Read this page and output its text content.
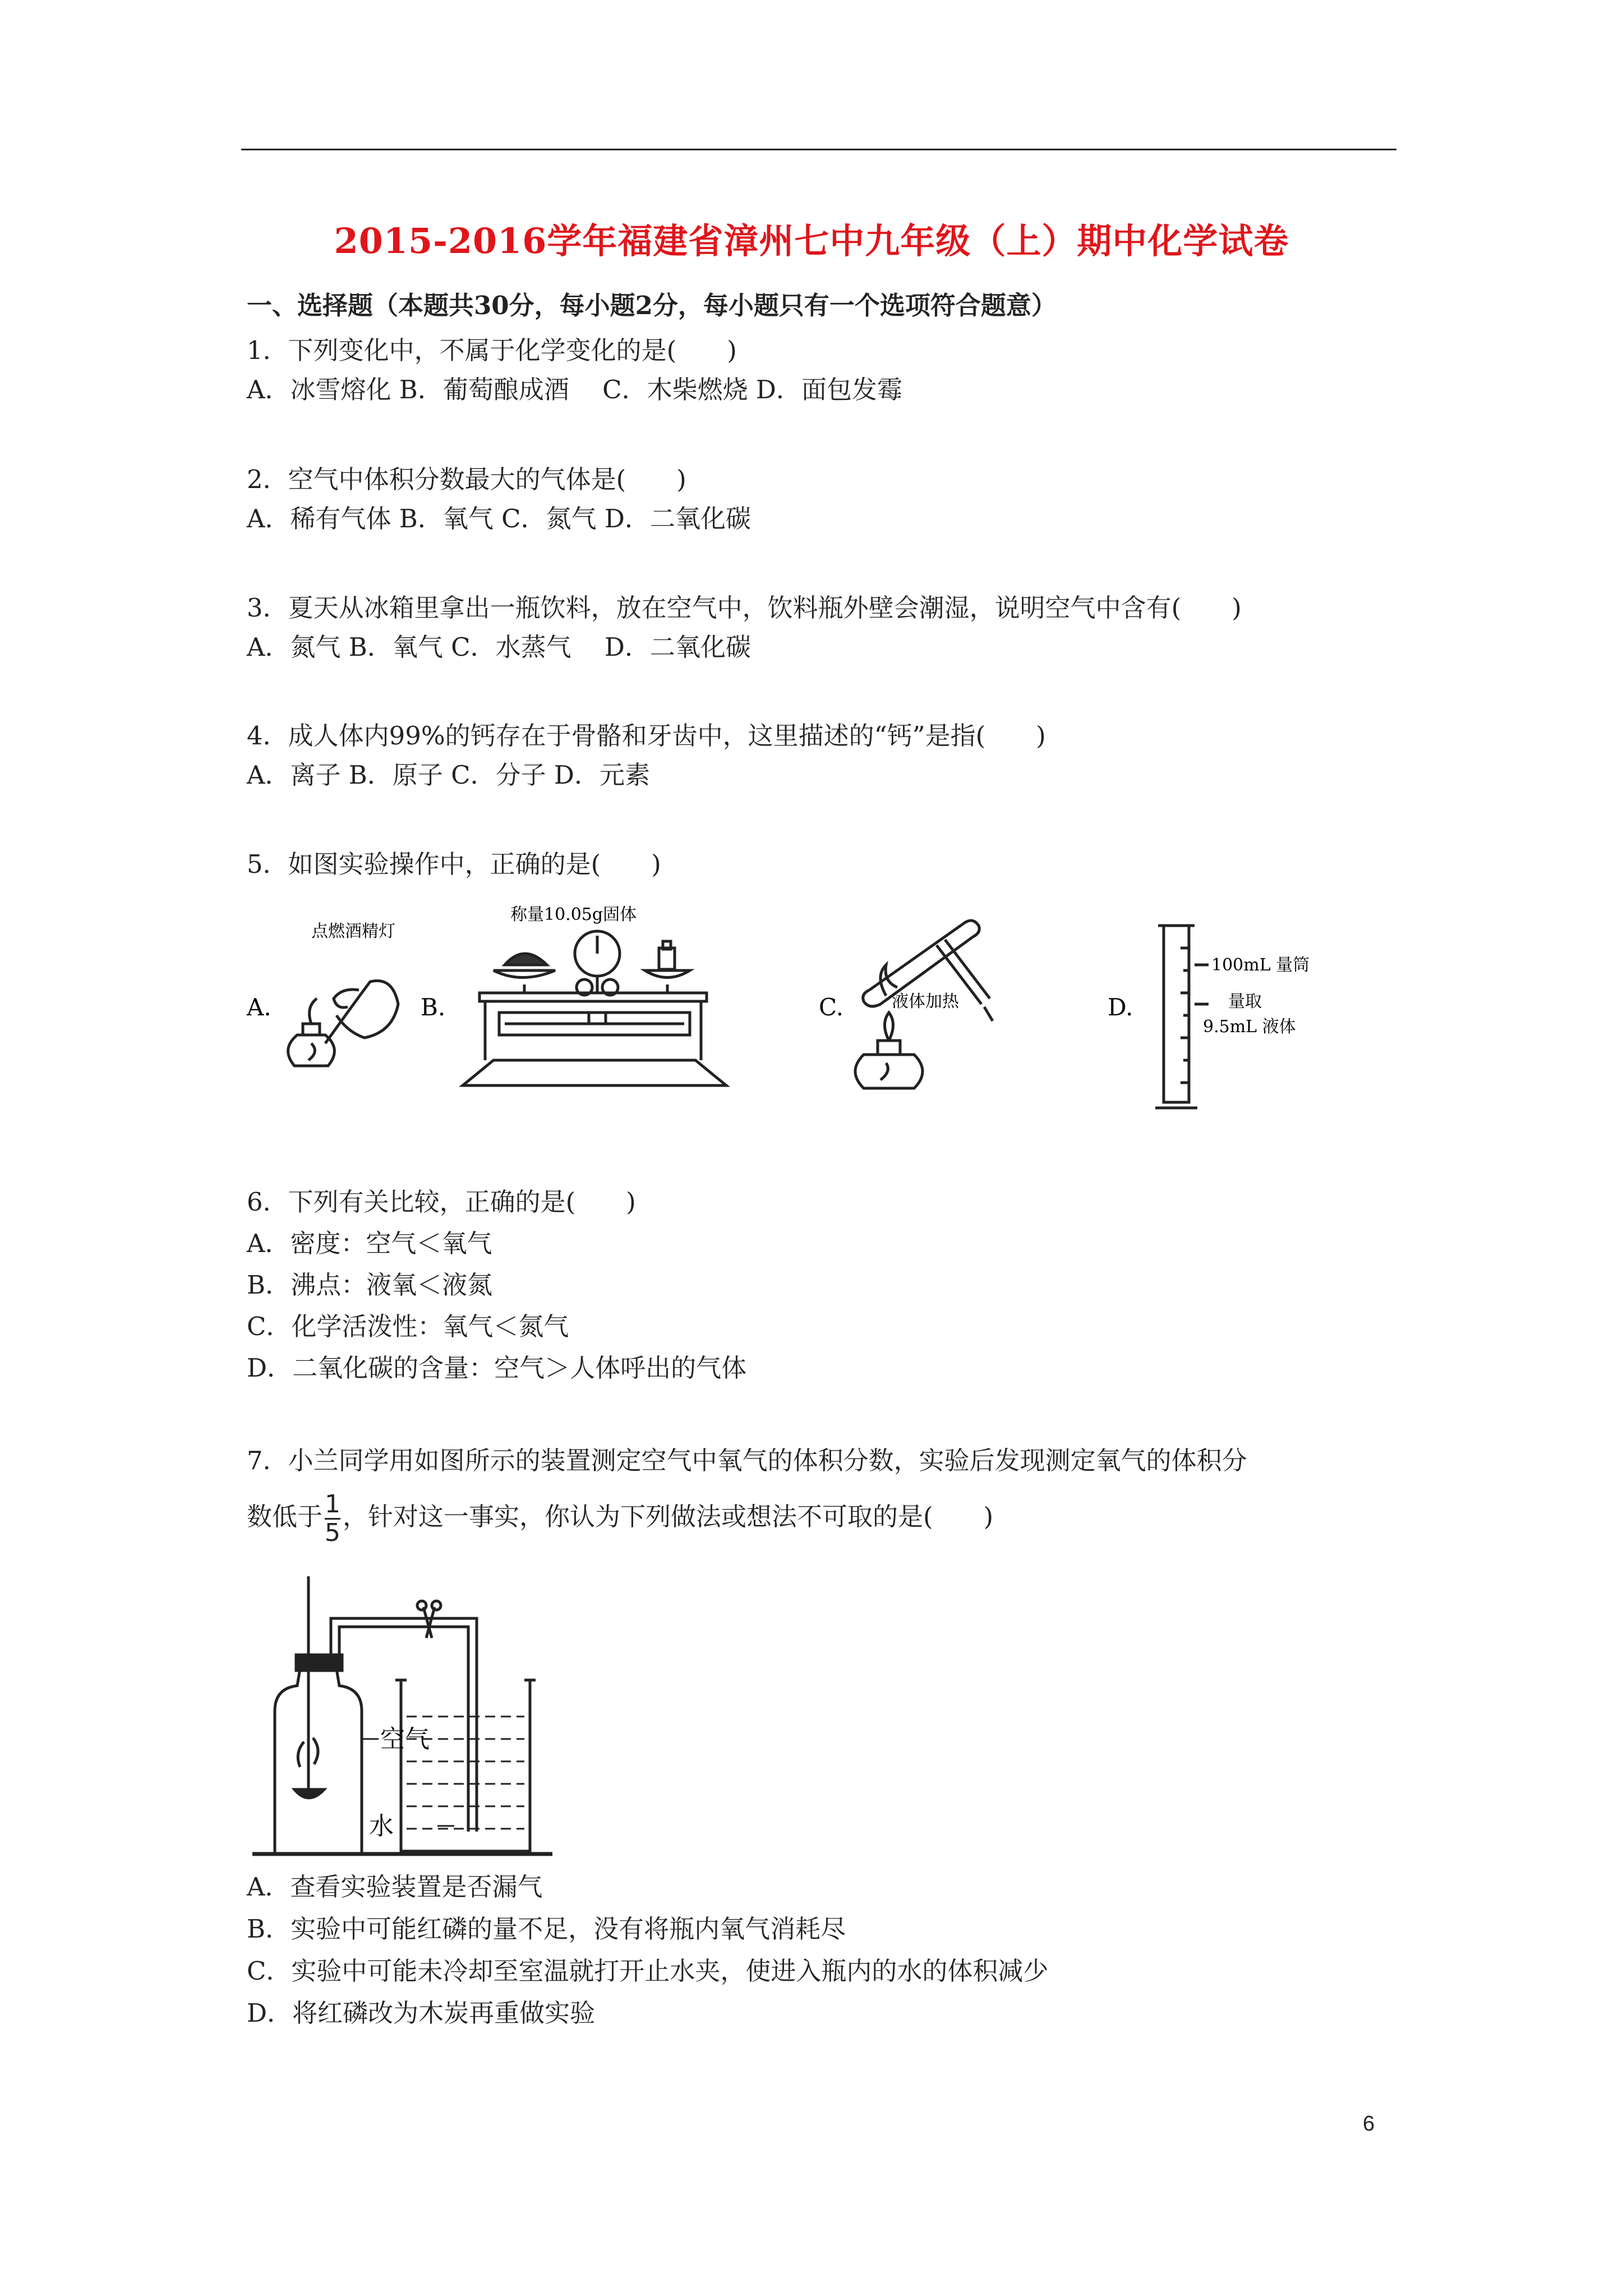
2015-2016学年福建省漳州七中九年级（上）期中化学试卷
一、选择题（本题共30分，每小题2分，每小题只有一个选项符合题意）
1．下列变化中，不属于化学变化的是(　　)
A．冰雪熔化 B．葡萄酿成酒　 C．木柴燃烧 D．面包发霉
2．空气中体积分数最大的气体是(　　)
A．稀有气体 B．氧气 C．氮气 D．二氧化碳
3．夏天从冰箱里拿出一瓶饮料，放在空气中，饮料瓶外壁会潮湿，说明空气中含有(　　)
A．氮气 B．氧气 C．水蒸气　 D．二氧化碳
4．成人体内99%的钙存在于骨骼和牙齿中，这里描述的“钙”是指(　　)
A．离子 B．原子 C．分子 D．元素
5．如图实验操作中，正确的是(　　)
A.
点燃酒精灯
B.
称量10.05g固体
C.	液体加热	D.
100mL 量筒
量取
9.5mL 液体
6．下列有关比较，正确的是(　　)
A．密度：空气＜氧气
B．沸点：液氧＜液氮
C．化学活泼性：氧气＜氮气
D．二氧化碳的含量：空气＞人体呼出的气体
7．小兰同学用如图所示的装置测定空气中氧气的体积分数，实验后发现测定氧气的体积分
数低于 $\frac{1}{5}$ ，针对这一事实，你认为下列做法或想法不可取的是(　　)
空气
水
A．查看实验装置是否漏气
B．实验中可能红磷的量不足，没有将瓶内氧气消耗尽
C．实验中可能未冷却至室温就打开止水夹，使进入瓶内的水的体积减少
D．将红磷改为木炭再重做实验
6
